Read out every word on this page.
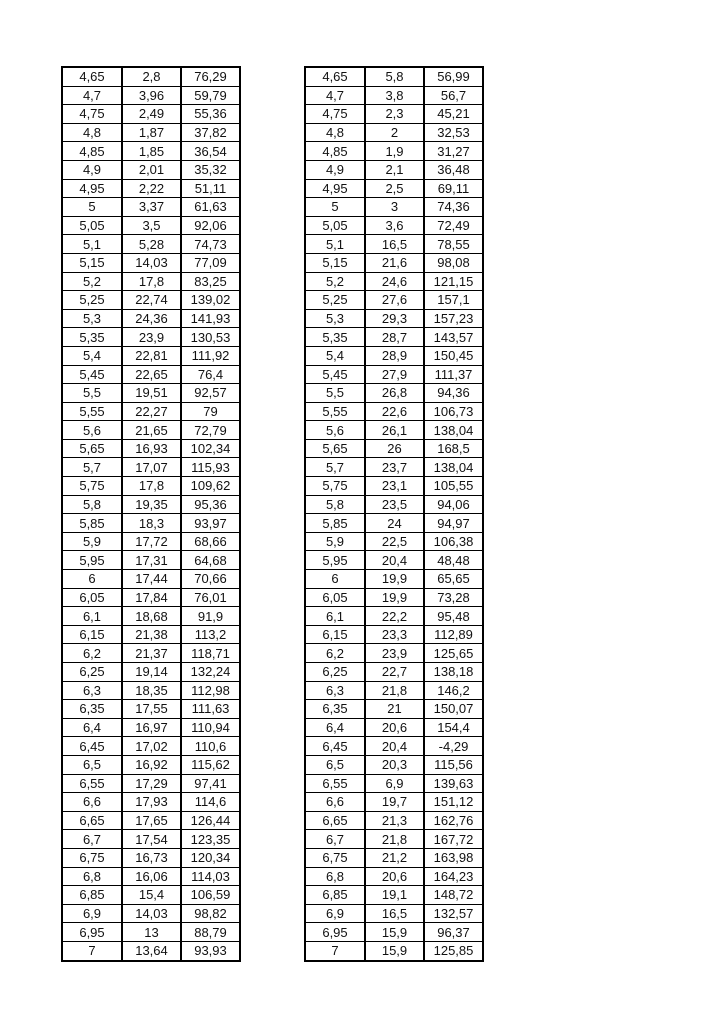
4,65	2,8	76,29
4,7	3,96	59,79
4,75	2,49	55,36
4,8	1,87	37,82
4,85	1,85	36,54
4,9	2,01	35,32
4,95	2,22	51,11
5	3,37	61,63
5,05	3,5	92,06
5,1	5,28	74,73
5,15	14,03	77,09
5,2	17,8	83,25
5,25	22,74	139,02
5,3	24,36	141,93
5,35	23,9	130,53
5,4	22,81	111,92
5,45	22,65	76,4
5,5	19,51	92,57
5,55	22,27	79
5,6	21,65	72,79
5,65	16,93	102,34
5,7	17,07	115,93
5,75	17,8	109,62
5,8	19,35	95,36
5,85	18,3	93,97
5,9	17,72	68,66
5,95	17,31	64,68
6	17,44	70,66
6,05	17,84	76,01
6,1	18,68	91,9
6,15	21,38	113,2
6,2	21,37	118,71
6,25	19,14	132,24
6,3	18,35	112,98
6,35	17,55	111,63
6,4	16,97	110,94
6,45	17,02	110,6
6,5	16,92	115,62
6,55	17,29	97,41
6,6	17,93	114,6
6,65	17,65	126,44
6,7	17,54	123,35
6,75	16,73	120,34
6,8	16,06	114,03
6,85	15,4	106,59
6,9	14,03	98,82
6,95	13	88,79
7	13,64	93,93
4,65	5,8	56,99
4,7	3,8	56,7
4,75	2,3	45,21
4,8	2	32,53
4,85	1,9	31,27
4,9	2,1	36,48
4,95	2,5	69,11
5	3	74,36
5,05	3,6	72,49
5,1	16,5	78,55
5,15	21,6	98,08
5,2	24,6	121,15
5,25	27,6	157,1
5,3	29,3	157,23
5,35	28,7	143,57
5,4	28,9	150,45
5,45	27,9	111,37
5,5	26,8	94,36
5,55	22,6	106,73
5,6	26,1	138,04
5,65	26	168,5
5,7	23,7	138,04
5,75	23,1	105,55
5,8	23,5	94,06
5,85	24	94,97
5,9	22,5	106,38
5,95	20,4	48,48
6	19,9	65,65
6,05	19,9	73,28
6,1	22,2	95,48
6,15	23,3	112,89
6,2	23,9	125,65
6,25	22,7	138,18
6,3	21,8	146,2
6,35	21	150,07
6,4	20,6	154,4
6,45	20,4	-4,29
6,5	20,3	115,56
6,55	6,9	139,63
6,6	19,7	151,12
6,65	21,3	162,76
6,7	21,8	167,72
6,75	21,2	163,98
6,8	20,6	164,23
6,85	19,1	148,72
6,9	16,5	132,57
6,95	15,9	96,37
7	15,9	125,85
